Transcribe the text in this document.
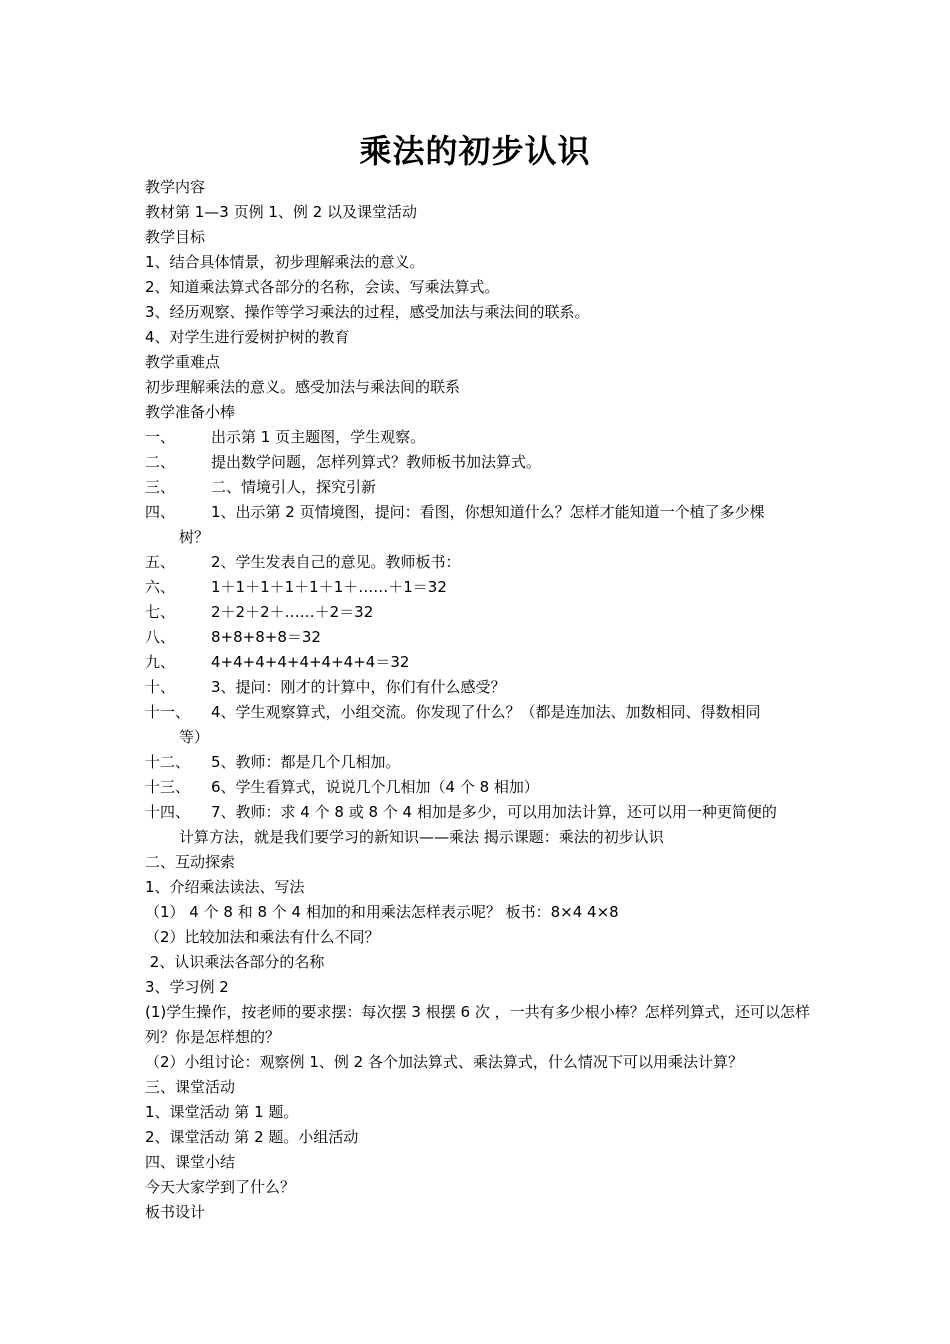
乘法的初步认识

教学内容

教材第 1—3 页例 1、例 2 以及课堂活动

教学目标

1、结合具体情景，初步理解乘法的意义。

2、知道乘法算式各部分的名称，会读、写乘法算式。

3、经历观察、操作等学习乘法的过程，感受加法与乘法间的联系。

4、对学生进行爱树护树的教育

教学重难点

初步理解乘法的意义。感受加法与乘法间的联系

教学准备小棒

一、	出示第 1 页主题图，学生观察。
二、	提出数学问题，怎样列算式？教师板书加法算式。
三、	二、情境引人，探究引新
四、	1、出示第 2 页情境图，提问：看图，你想知道什么？怎样才能知道一个植了多少棵

树？

五、	2、学生发表自己的意见。教师板书：
六、	1＋1＋1＋1＋1＋1＋……＋1＝32
七、	2＋2＋2＋……＋2＝32
八、	8+8+8+8＝32
九、	4+4+4+4+4+4+4+4＝32
十、	3、提问：刚才的计算中，你们有什么感受？
十一、	4、学生观察算式，小组交流。你发现了什么？（都是连加法、加数相同、得数相同

等）

十二、	5、教师：都是几个几相加。
十三、	6、学生看算式，说说几个几相加（4 个 8 相加）
十四、	7、教师：求 4 个 8 或 8 个 4 相加是多少，可以用加法计算，还可以用一种更简便的

计算方法，就是我们要学习的新知识——乘法 揭示课题：乘法的初步认识

二、互动探索

1、介绍乘法读法、写法

（1） 4 个 8 和 8 个 4 相加的和用乘法怎样表示呢？ 板书：8×4 4×8

（2）比较加法和乘法有什么不同？

2、认识乘法各部分的名称

3、学习例 2

(1)学生操作，按老师的要求摆：每次摆 3 根摆 6 次 ，一共有多少根小棒？怎样列算式，还可以怎样列？你是怎样想的？

（2）小组讨论：观察例 1、例 2 各个加法算式、乘法算式，什么情况下可以用乘法计算？

三、课堂活动

1、课堂活动 第 1 题。

2、课堂活动 第 2 题。小组活动

四、课堂小结

今天大家学到了什么？

板书设计
